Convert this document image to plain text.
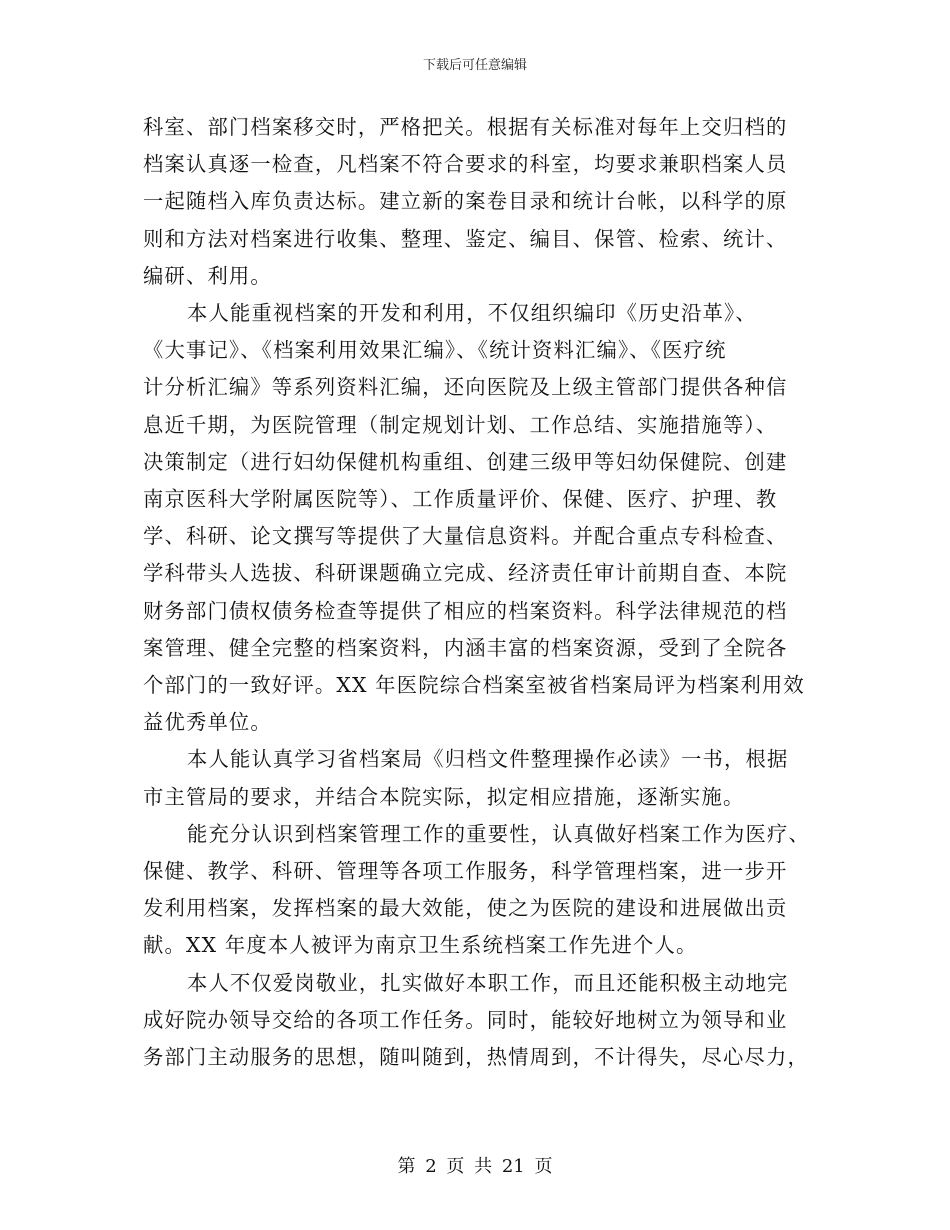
下载后可任意编辑

科室、部门档案移交时，严格把关。根据有关标准对每年上交归档的
档案认真逐一检查，凡档案不符合要求的科室，均要求兼职档案人员
一起随档入库负责达标。建立新的案卷目录和统计台帐，以科学的原
则和方法对档案进行收集、整理、鉴定、编目、保管、检索、统计、
编研、利用。

本人能重视档案的开发和利用，不仅组织编印《历史沿革》、
《大事记》、《档案利用效果汇编》、《统计资料汇编》、《医疗统
计分析汇编》等系列资料汇编，还向医院及上级主管部门提供各种信
息近千期，为医院管理（制定规划计划、工作总结、实施措施等）、
决策制定（进行妇幼保健机构重组、创建三级甲等妇幼保健院、创建
南京医科大学附属医院等）、工作质量评价、保健、医疗、护理、教
学、科研、论文撰写等提供了大量信息资料。并配合重点专科检查、
学科带头人选拔、科研课题确立完成、经济责任审计前期自查、本院
财务部门债权债务检查等提供了相应的档案资料。科学法律规范的档
案管理、健全完整的档案资料，内涵丰富的档案资源，受到了全院各
个部门的一致好评。XX 年医院综合档案室被省档案局评为档案利用效
益优秀单位。

本人能认真学习省档案局《归档文件整理操作必读》一书，根据
市主管局的要求，并结合本院实际，拟定相应措施，逐渐实施。

能充分认识到档案管理工作的重要性，认真做好档案工作为医疗、
保健、教学、科研、管理等各项工作服务，科学管理档案，进一步开
发利用档案，发挥档案的最大效能，使之为医院的建设和进展做出贡
献。XX 年度本人被评为南京卫生系统档案工作先进个人。

本人不仅爱岗敬业，扎实做好本职工作，而且还能积极主动地完
成好院办领导交给的各项工作任务。同时，能较好地树立为领导和业
务部门主动服务的思想，随叫随到，热情周到，不计得失，尽心尽力，

第 2 页 共 21 页
